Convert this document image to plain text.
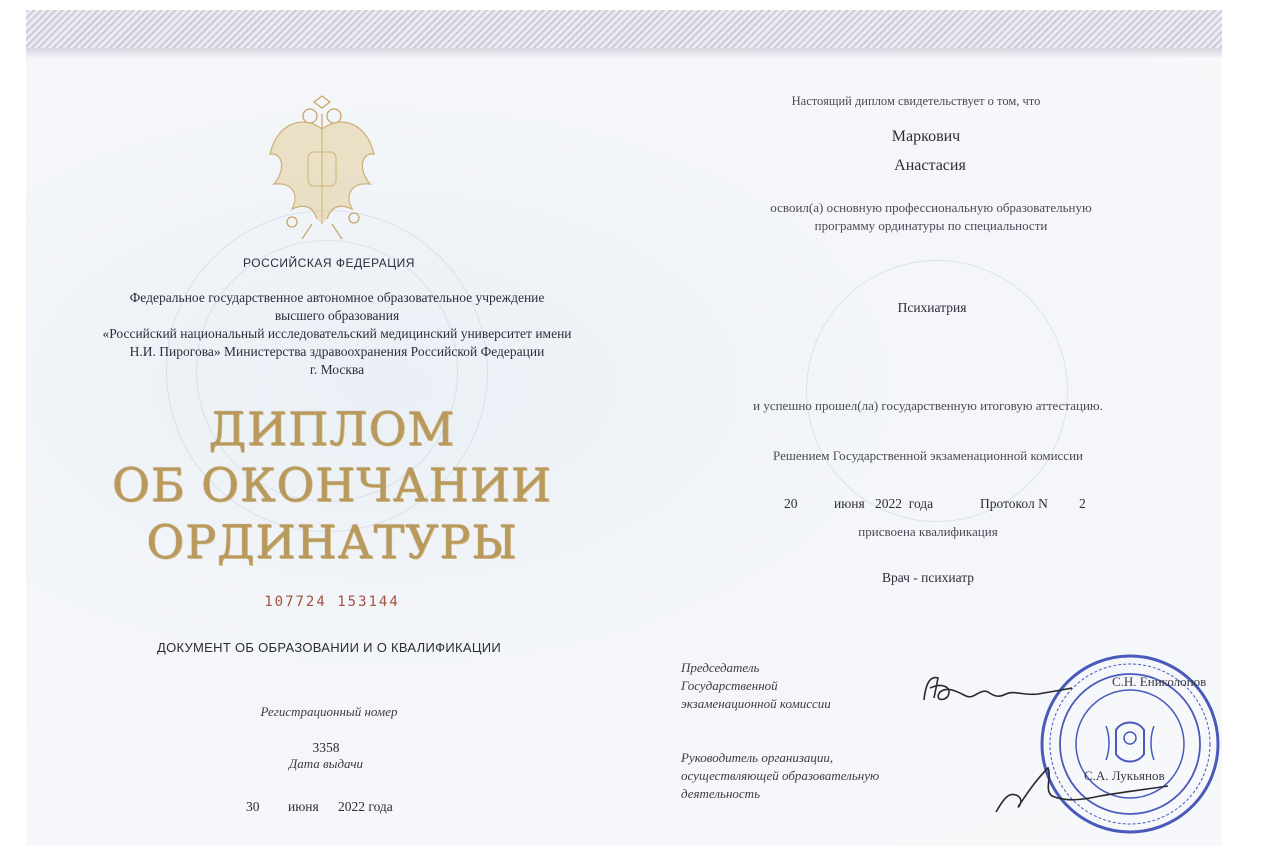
РОССИЙСКАЯ ФЕДЕРАЦИЯ
Федеральное государственное автономное образовательное учреждение
высшего образования
«Российский национальный исследовательский медицинский университет имени
Н.И. Пирогова» Министерства здравоохранения Российской Федерации
г. Москва
ДИПЛОМ
ОБ ОКОНЧАНИИ
ОРДИНАТУРЫ
107724 153144
ДОКУМЕНТ ОБ ОБРАЗОВАНИИ И О КВАЛИФИКАЦИИ
Регистрационный номер
3358
Дата выдачи
30 июня 2022 года
Настоящий диплом свидетельствует о том, что
Маркович
Анастасия
освоил(а) основную профессиональную образовательную
программу ординатуры по специальности
Психиатрия
и успешно прошел(ла) государственную итоговую аттестацию.
Решением Государственной экзаменационной комиссии
20	июня 2022  года	Протокол N 2
присвоена квалификация
Врач - психиатр
Председатель
Государственной
экзаменационной комиссии
Руководитель организации,
осуществляющей образовательную
деятельность
С.Н. Ениколопов
С.А. Лукьянов
